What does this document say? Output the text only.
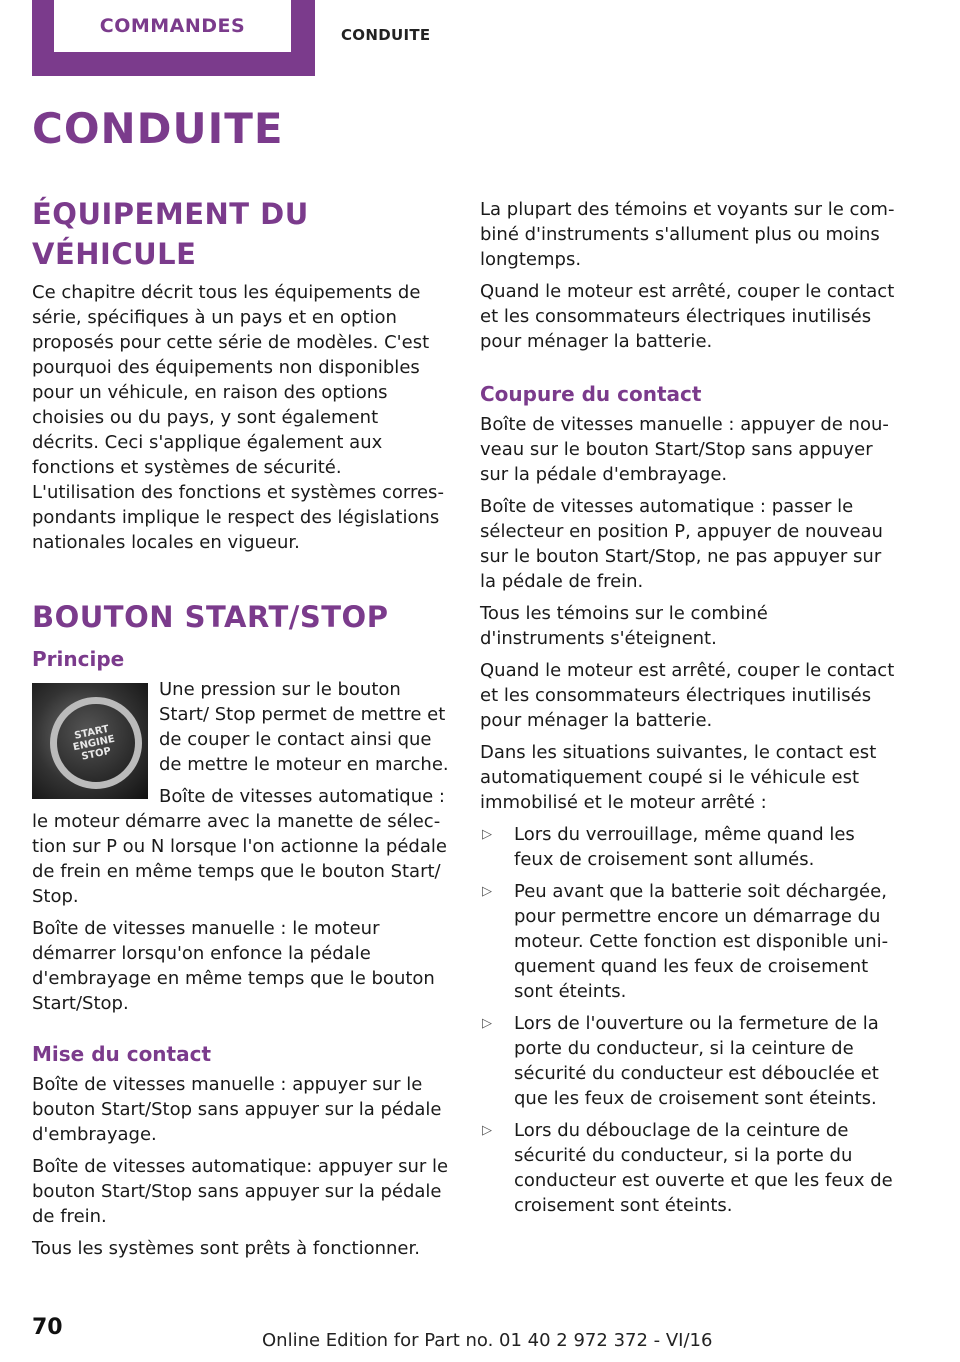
COMMANDES	CONDUITE
CONDUITE
ÉQUIPEMENT DU VÉHICULE

Ce chapitre décrit tous les équipements de série, spécifiques à un pays et en option proposés pour cette série de modèles. C'est pourquoi des équipements non disponibles pour un véhicule, en raison des options choisies ou du pays, y sont également décrits. Ceci s'applique également aux fonctions et systèmes de sécurité. L'utilisation des fonctions et systèmes correspondants implique le respect des législations nationales locales en vigueur.

BOUTON START/STOP
Principe
START ENGINE STOP

Une pression sur le bouton Start/ Stop permet de mettre et de couper le contact ainsi que de mettre le moteur en marche.

Boîte de vitesses automatique : le moteur démarre avec la manette de sélection sur P ou N lorsque l'on actionne la pédale de frein en même temps que le bouton Start/ Stop.

Boîte de vitesses manuelle : le moteur démarrer lorsqu'on enfonce la pédale d'embrayage en même temps que le bouton Start/Stop.

Mise du contact

Boîte de vitesses manuelle : appuyer sur le bouton Start/Stop sans appuyer sur la pédale d'embrayage.

Boîte de vitesses automatique: appuyer sur le bouton Start/Stop sans appuyer sur la pédale de frein.

Tous les systèmes sont prêts à fonctionner.

La plupart des témoins et voyants sur le combiné d'instruments s'allument plus ou moins longtemps.

Quand le moteur est arrêté, couper le contact et les consommateurs électriques inutilisés pour ménager la batterie.

Coupure du contact

Boîte de vitesses manuelle : appuyer de nouveau sur le bouton Start/Stop sans appuyer sur la pédale d'embrayage.

Boîte de vitesses automatique : passer le sélecteur en position P, appuyer de nouveau sur le bouton Start/Stop, ne pas appuyer sur la pédale de frein.

Tous les témoins sur le combiné d'instruments s'éteignent.

Quand le moteur est arrêté, couper le contact et les consommateurs électriques inutilisés pour ménager la batterie.

Dans les situations suivantes, le contact est automatiquement coupé si le véhicule est immobilisé et le moteur arrêté :

▷ Lors du verrouillage, même quand les feux de croisement sont allumés.
▷ Peu avant que la batterie soit déchargée, pour permettre encore un démarrage du moteur. Cette fonction est disponible uniquement quand les feux de croisement sont éteints.
▷ Lors de l'ouverture ou la fermeture de la porte du conducteur, si la ceinture de sécurité du conducteur est débouclée et que les feux de croisement sont éteints.
▷ Lors du débouclage de la ceinture de sécurité du conducteur, si la porte du conducteur est ouverte et que les feux de croisement sont éteints.
70
Online Edition for Part no. 01 40 2 972 372 - VI/16
